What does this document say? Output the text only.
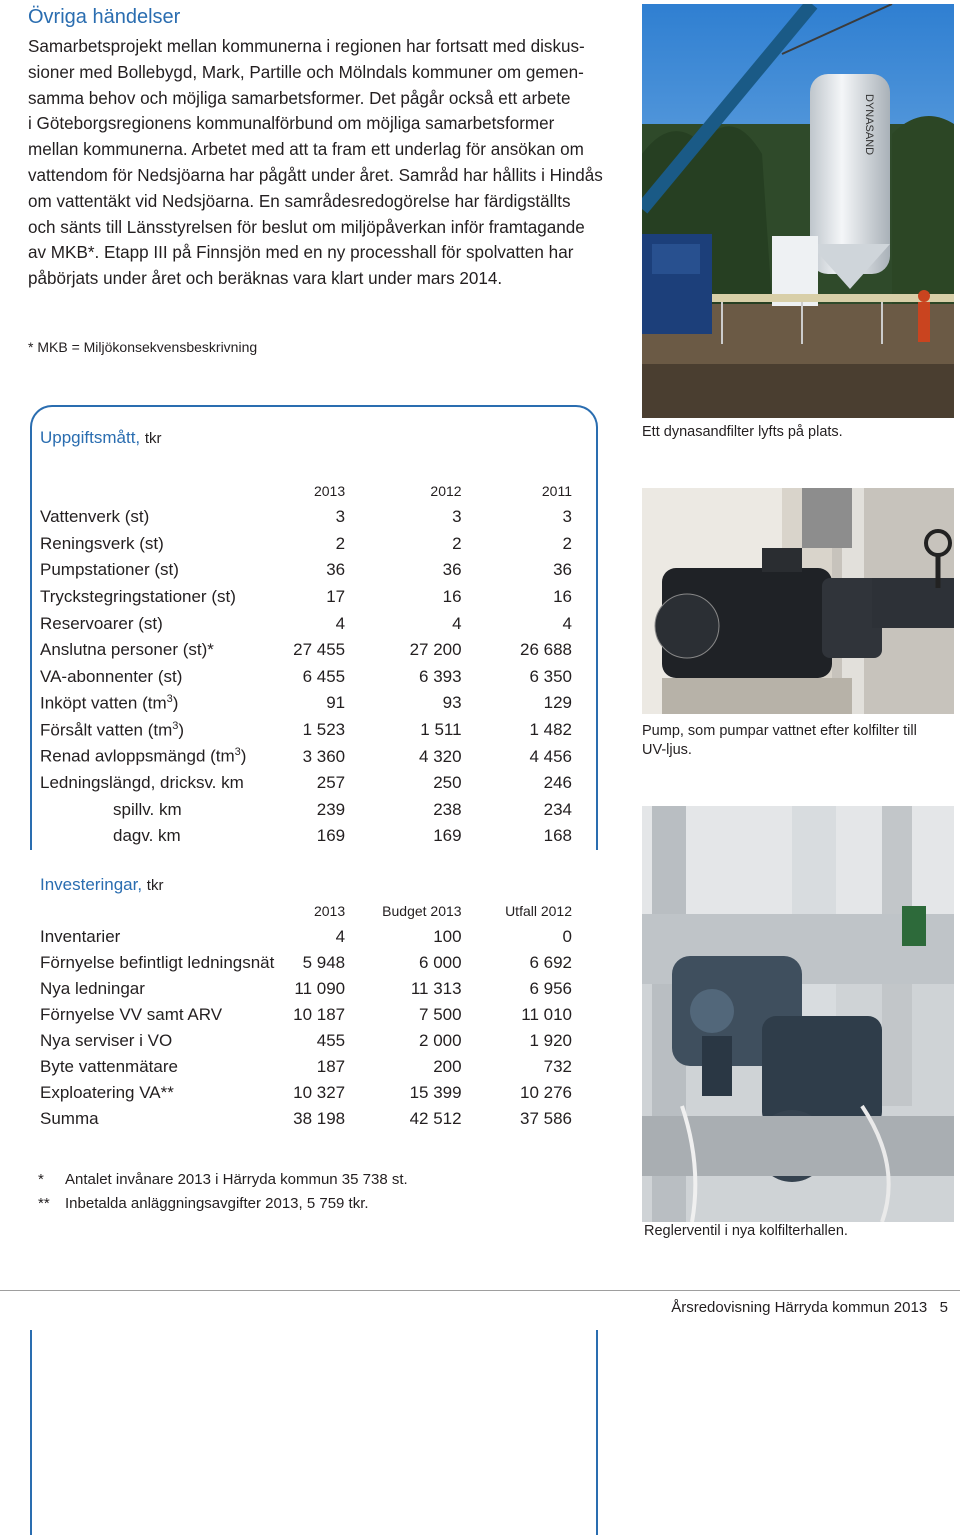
Övriga händelser
Samarbetsprojekt mellan kommunerna i regionen har fortsatt med diskus-
sioner med Bollebygd, Mark, Partille och Mölndals kommuner om gemen-
samma behov och möjliga samarbetsformer. Det pågår också ett arbete
i Göteborgsregionens kommunalförbund om möjliga samarbetsformer
mellan kommunerna. Arbetet med att ta fram ett underlag för ansökan om
vattendom för Nedsjöarna har pågått under året. Samråd har hållits i Hindås
om vattentäkt vid Nedsjöarna. En samrådesredogörelse har färdigställts
och sänts till Länsstyrelsen för beslut om miljöpåverkan inför framtagande
av MKB*. Etapp III på Finnsjön med en ny processhall för spolvatten har
påbörjats under året och beräknas vara klart under mars 2014.
* MKB = Miljökonsekvensbeskrivning
Uppgiftsmått, tkr
	2013	2012	2011
Vattenverk (st)	3	3	3
Reningsverk (st)	2	2	2
Pumpstationer (st)	36	36	36
Tryckstegringstationer (st)	17	16	16
Reservoarer (st)	4	4	4
Anslutna personer (st)*	27 455	27 200	26 688
VA-abonnenter (st)	6 455	6 393	6 350
Inköpt vatten $(tm^3)$	91	93	129
Försålt vatten $(tm^3)$	1 523	1 511	1 482
Renad avloppsmängd $(tm^3)$	3 360	4 320	4 456
Ledningslängd, dricksv. km	257	250	246
spillv. km	239	238	234
dagv. km	169	169	168
Investeringar, tkr
	2013	Budget 2013	Utfall 2012
Inventarier	4	100	0
Förnyelse befintligt ledningsnät	5 948	6 000	6 692
Nya ledningar	11 090	11 313	6 956
Förnyelse VV samt ARV	10 187	7 500	11 010
Nya serviser i VO	455	2 000	1 920
Byte vattenmätare	187	200	732
Exploatering VA**	10 327	15 399	10 276
Summa	38 198	42 512	37 586
* Antalet invånare 2013 i Härryda kommun 35 738 st.
** Inbetalda anläggningsavgifter 2013, 5 759 tkr.
DYNASAND
Ett dynasandfilter lyfts på plats.
Pump, som pumpar vattnet efter kolfilter till
UV-ljus.
Reglerventil i nya kolfilterhallen.
Årsredovisning Härryda kommun 2013   5
